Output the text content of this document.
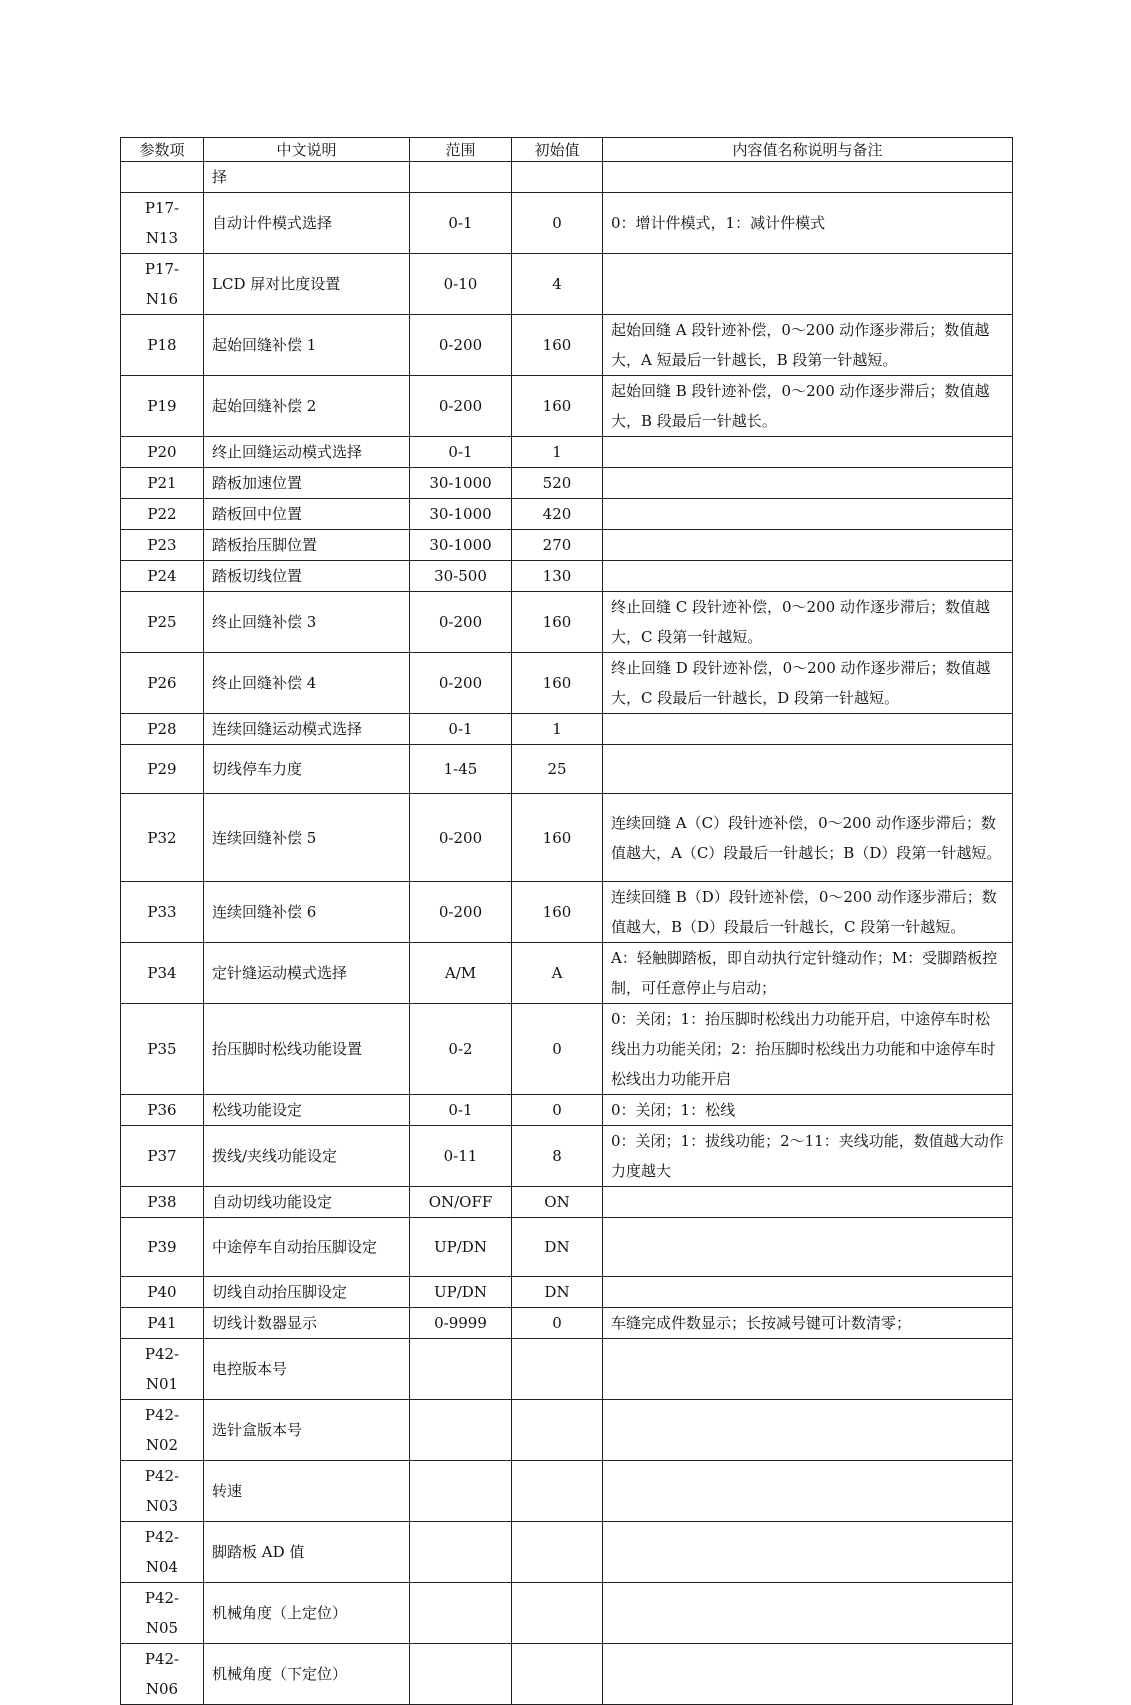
参数项	中文说明	范围	初始值	内容值名称说明与备注
	择			
P17-N13	自动计件模式选择	0-1	0	0：增计件模式，1：减计件模式
P17-N16	LCD 屏对比度设置	0-10	4	
P18	起始回缝补偿 1	0-200	160	起始回缝 A 段针迹补偿，0～200 动作逐步滞后；数值越大，A 短最后一针越长，B 段第一针越短。
P19	起始回缝补偿 2	0-200	160	起始回缝 B 段针迹补偿，0～200 动作逐步滞后；数值越大，B 段最后一针越长。
P20	终止回缝运动模式选择	0-1	1	
P21	踏板加速位置	30-1000	520	
P22	踏板回中位置	30-1000	420	
P23	踏板抬压脚位置	30-1000	270	
P24	踏板切线位置	30-500	130	
P25	终止回缝补偿 3	0-200	160	终止回缝 C 段针迹补偿，0～200 动作逐步滞后；数值越大，C 段第一针越短。
P26	终止回缝补偿 4	0-200	160	终止回缝 D 段针迹补偿，0～200 动作逐步滞后；数值越大，C 段最后一针越长，D 段第一针越短。
P28	连续回缝运动模式选择	0-1	1	
P29	切线停车力度	1-45	25	
P32	连续回缝补偿 5	0-200	160	连续回缝 A（C）段针迹补偿，0～200 动作逐步滞后；数值越大，A（C）段最后一针越长；B（D）段第一针越短。
P33	连续回缝补偿 6	0-200	160	连续回缝 B（D）段针迹补偿，0～200 动作逐步滞后；数值越大，B（D）段最后一针越长，C 段第一针越短。
P34	定针缝运动模式选择	A/M	A	A：轻触脚踏板，即自动执行定针缝动作；M：受脚踏板控制，可任意停止与启动；
P35	抬压脚时松线功能设置	0-2	0	0：关闭；1：抬压脚时松线出力功能开启，中途停车时松线出力功能关闭；2：抬压脚时松线出力功能和中途停车时松线出力功能开启
P36	松线功能设定	0-1	0	0：关闭；1：松线
P37	拨线/夹线功能设定	0-11	8	0：关闭；1：拔线功能；2～11：夹线功能，数值越大动作力度越大
P38	自动切线功能设定	ON/OFF	ON	
P39	中途停车自动抬压脚设定	UP/DN	DN	
P40	切线自动抬压脚设定	UP/DN	DN	
P41	切线计数器显示	0-9999	0	车缝完成件数显示；长按减号键可计数清零；
P42-N01	电控版本号			
P42-N02	选针盒版本号			
P42-N03	转速			
P42-N04	脚踏板 AD 值			
P42-N05	机械角度（上定位）			
P42-N06	机械角度（下定位）			
